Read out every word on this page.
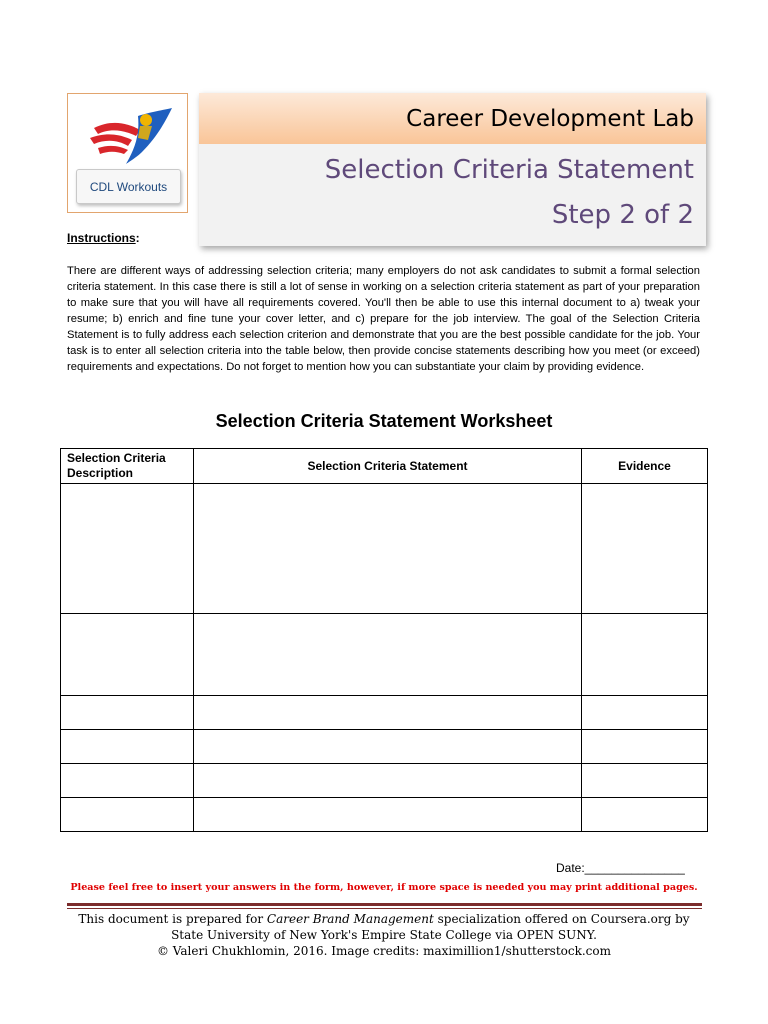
CDL Workouts
Career Development Lab
Selection Criteria Statement
Step 2 of 2
Instructions:
There are different ways of addressing selection criteria; many employers do not ask candidates to submit a formal selection criteria statement. In this case there is still a lot of sense in working on a selection criteria statement as part of your preparation to make sure that you will have all requirements covered. You'll then be able to use this internal document to a) tweak your resume; b) enrich and fine tune your cover letter, and c) prepare for the job interview. The goal of the Selection Criteria Statement is to fully address each selection criterion and demonstrate that you are the best possible candidate for the job. Your task is to enter all selection criteria into the table below, then provide concise statements describing how you meet (or exceed) requirements and expectations. Do not forget to mention how you can substantiate your claim by providing evidence.
Selection Criteria Statement Worksheet
Selection Criteria Description	Selection Criteria Statement	Evidence

Date:_______________
Please feel free to insert your answers in the form, however, if more space is needed you may print additional pages.
This document is prepared for Career Brand Management specialization offered on Coursera.org by
State University of New York's Empire State College via OPEN SUNY.
© Valeri Chukhlomin, 2016. Image credits: maximillion1/shutterstock.com
